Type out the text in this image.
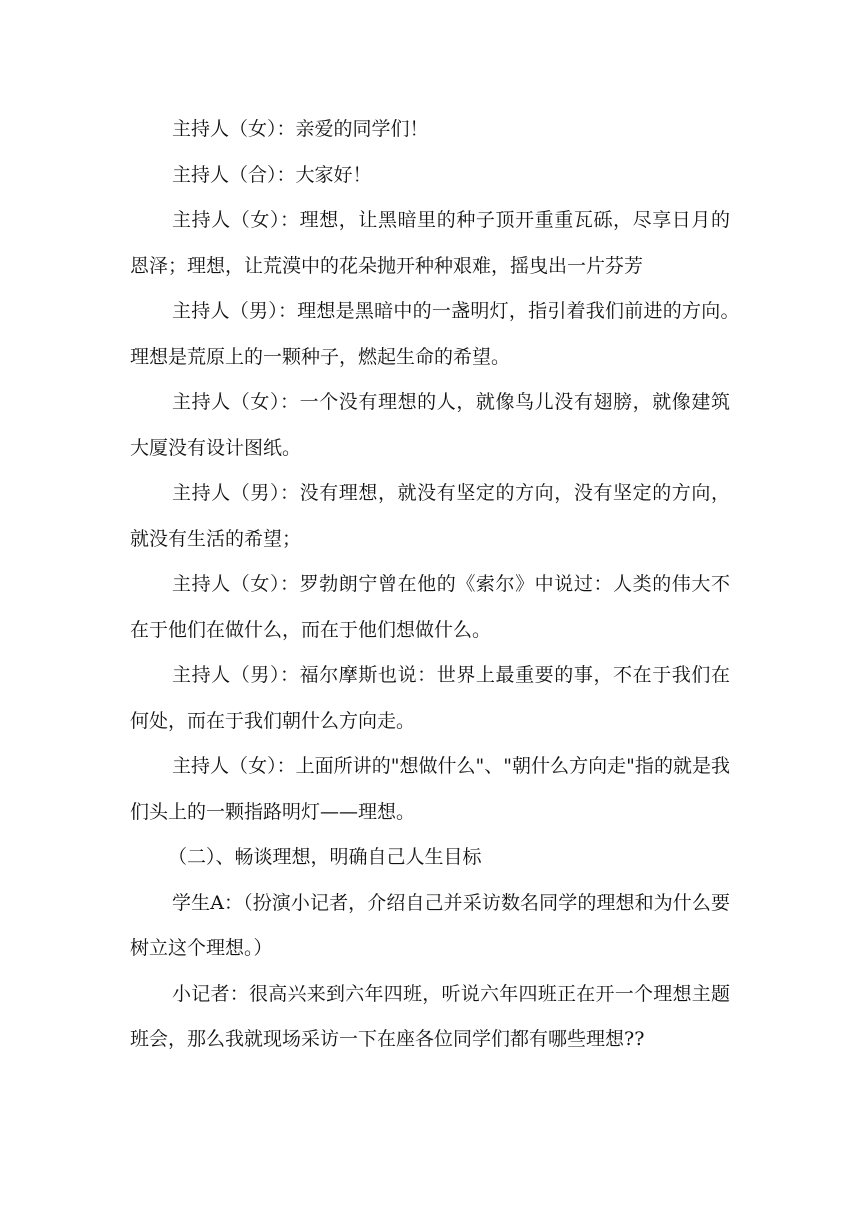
主持人（女）：亲爱的同学们！

主持人（合）：大家好！

主持人（女）：理想，让黑暗里的种子顶开重重瓦砾，尽享日月的恩泽；理想，让荒漠中的花朵抛开种种艰难，摇曳出一片芬芳

主持人（男）：理想是黑暗中的一盏明灯，指引着我们前进的方向。　理想是荒原上的一颗种子，燃起生命的希望。

主持人（女）：一个没有理想的人，就像鸟儿没有翅膀，就像建筑大厦没有设计图纸。

主持人（男）：没有理想，就没有坚定的方向，没有坚定的方向，就没有生活的希望；

主持人（女）：罗勃朗宁曾在他的《索尔》中说过：人类的伟大不在于他们在做什么，而在于他们想做什么。

主持人（男）：福尔摩斯也说：世界上最重要的事，不在于我们在何处，而在于我们朝什么方向走。

主持人（女）：上面所讲的"想做什么"、"朝什么方向走"指的就是我们头上的一颗指路明灯——理想。

（二）、畅谈理想，明确自己人生目标

学生A：（扮演小记者，介绍自己并采访数名同学的理想和为什么要树立这个理想。）

小记者：很高兴来到六年四班，听说六年四班正在开一个理想主题班会，那么我就现场采访一下在座各位同学们都有哪些理想??
